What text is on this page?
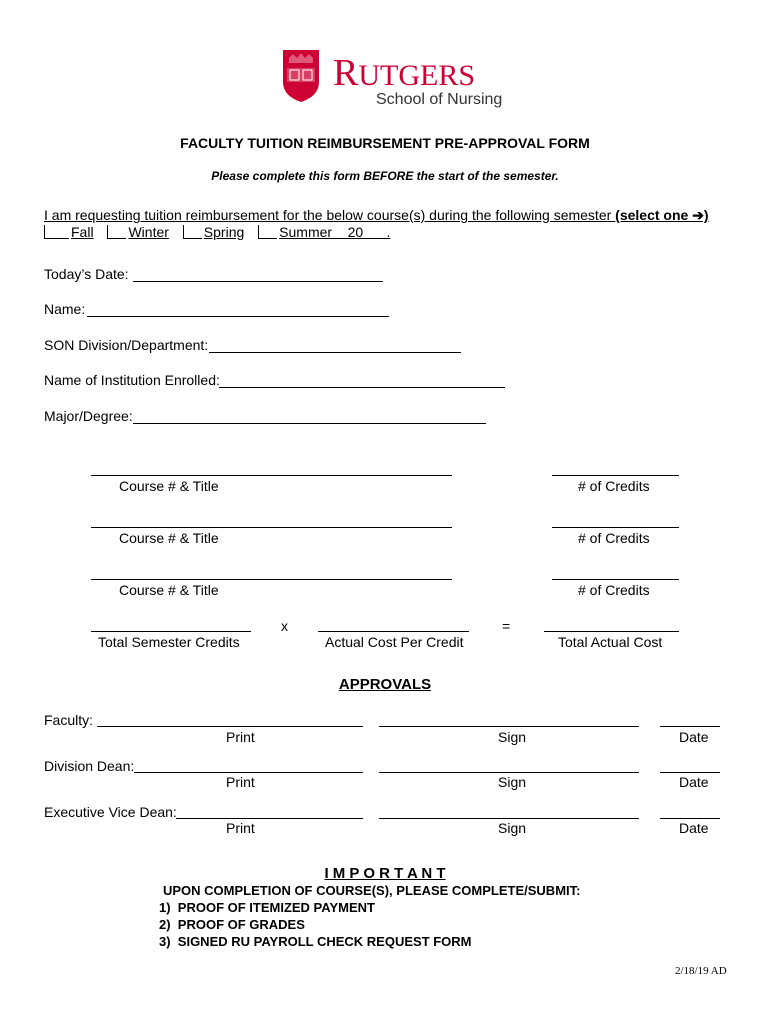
RUTGERS
School of Nursing
FACULTY TUITION REIMBURSEMENT PRE-APPROVAL FORM
Please complete this form BEFORE the start of the semester.
I am requesting tuition reimbursement for the below course(s) during the following semester (select one ➔)
Fall Winter Spring Summer 20 .
Today’s Date:
Name:
SON Division/Department:
Name of Institution Enrolled:
Major/Degree:
Course # & Title	# of Credits
Course # & Title	# of Credits
Course # & Title	# of Credits
x	=
Total Semester Credits	Actual Cost Per Credit	Total Actual Cost
APPROVALS
Faculty:
Print	Sign	Date
Division Dean:
Print	Sign	Date
Executive Vice Dean:
Print	Sign	Date
I M P O R T A N T
UPON COMPLETION OF COURSE(S), PLEASE COMPLETE/SUBMIT:
1)  PROOF OF ITEMIZED PAYMENT
2)  PROOF OF GRADES
3)  SIGNED RU PAYROLL CHECK REQUEST FORM
2/18/19 AD
